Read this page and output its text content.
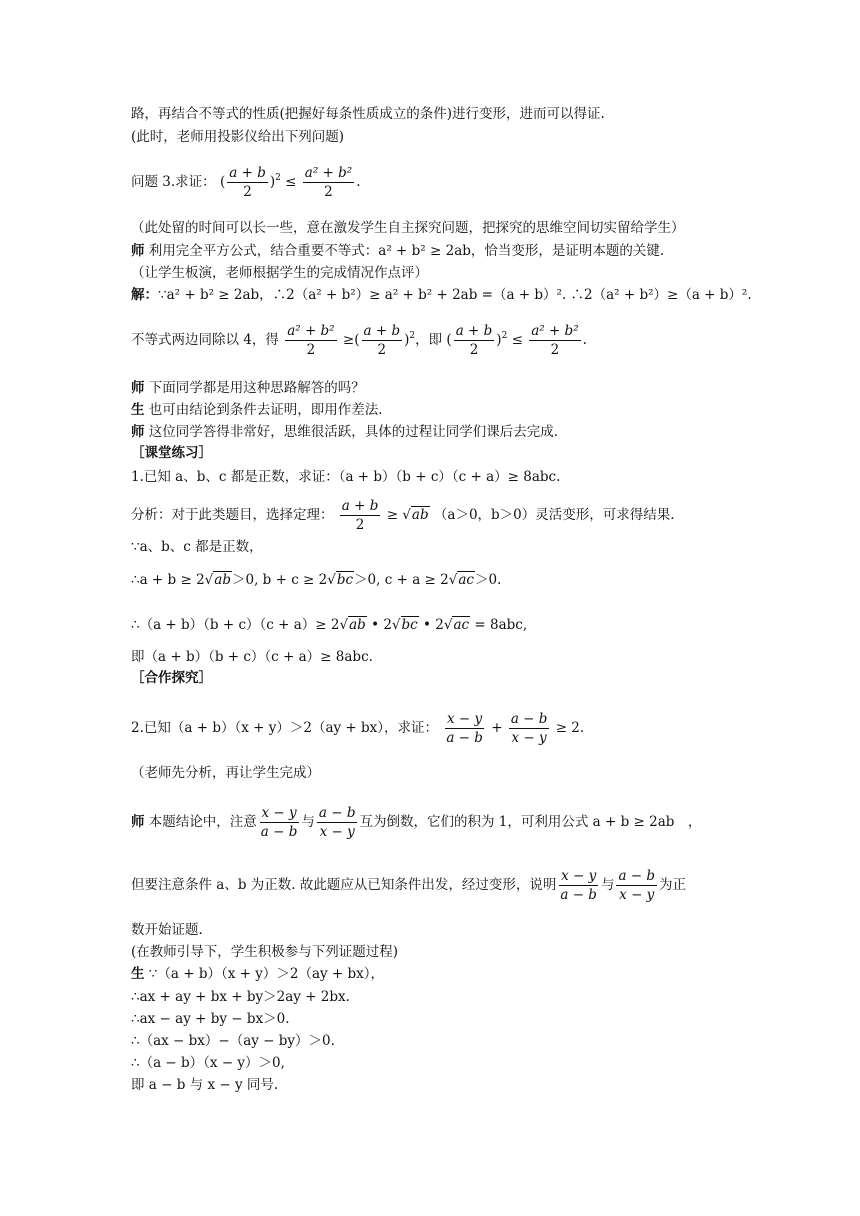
路，再结合不等式的性质(把握好每条性质成立的条件)进行变形，进而可以得证.
(此时，老师用投影仪给出下列问题)
问题 3.求证： ( $\frac{a + b}{2} )^2 \le \frac{\text{a² + b²}}{2}$ .
（此处留的时间可以长一些，意在激发学生自主探究问题，把探究的思维空间切实留给学生）
师 利用完全平方公式，结合重要不等式：a² + b² ≥ 2ab，恰当变形，是证明本题的关键.
（让学生板演，老师根据学生的完成情况作点评）
解：∵a² + b² ≥ 2ab，∴2（a² + b²）≥ a² + b² + 2ab =（a + b）². ∴2（a² + b²）≥（a + b）².
不等式两边同除以 4，得 $\frac{\text{a² + b²}}{2}$ ≥( $\frac{a + b}{2} )^2$，即 ( $\frac{a + b}{2} )^2 \le \frac{\text{a² + b²}}{2}$ .
师 下面同学都是用这种思路解答的吗？
生 也可由结论到条件去证明，即用作差法.
师 这位同学答得非常好，思维很活跃，具体的过程让同学们课后去完成.
［课堂练习］
1.已知 a、b、c 都是正数，求证：（a + b）（b + c）（c + a）≥ 8abc.
分析：对于此类题目，选择定理： $\frac{a + b}{2} \ge √ab$ （a＞0，b＞0）灵活变形，可求得结果.
∵a、b、c 都是正数，
∴a + b ≥ 2√ab＞0, b + c ≥ 2√bc＞0, c + a ≥ 2√ac＞0.
∴（a + b）（b + c）（c + a）≥ 2√ab • 2√bc • 2√ac = 8abc,
即（a + b）（b + c）（c + a）≥ 8abc.
［合作探究］
2.已知（a + b）（x + y）＞2（ay + bx），求证： $\frac{x - y}{a - b} + \frac{a - b}{x - y} \ge 2$.
（老师先分析，再让学生完成）
师 本题结论中，注意 $\frac{x - y}{a - b}$ 与 $\frac{a - b}{x - y}$ 互为倒数，它们的积为 1，可利用公式 a + b ≥ 2ab　，
但要注意条件 a、b 为正数. 故此题应从已知条件出发，经过变形，说明 $\frac{x - y}{a - b}$ 与 $\frac{a - b}{x - y}$ 为正
数开始证题.
(在教师引导下，学生积极参与下列证题过程)
生 ∵（a + b）（x + y）＞2（ay + bx），
∴ax + ay + bx + by＞2ay + 2bx.
∴ax − ay + by − bx＞0.
∴（ax − bx）−（ay − by）＞0.
∴（a − b）（x − y）＞0,
即 a − b 与 x − y 同号.
